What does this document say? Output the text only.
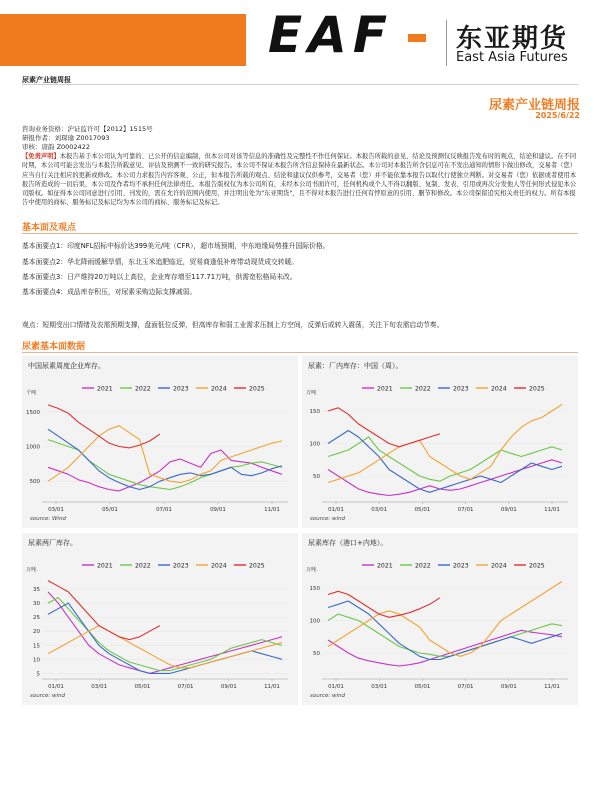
EAF 东亚期货
East Asia Futures
尿素产业链周报
尿素产业链周报
2025/6/22
咨询业务资格：沪证监许可【2012】1515号
研报作者：刘琛瑜 Z0017093
审核：唐韵 Z0002422
【免责声明】本报告基于本公司认为可靠的、已公开的信息编制，但本公司对该等信息的准确性及完整性不作任何保证。本报告所载的意见、结论及预测仅反映报告发布时的观点、结论和建议。在不同时期，本公司可能会发出与本报告所载意见、评估及预测不一致的研究报告。本公司不保证本报告所含信息保持在最新状态。本公司对本报告所含信息可在不发出通知的情形下做出修改，交易者（您）应当自行关注相应的更新或修改。本公司力求报告内容客观、公正，但本报告所载的观点、结论和建议仅供参考，交易者（您）并不能依靠本报告以取代行使独立判断。对交易者（您）依据或者使用本报告所造成的一切后果，本公司及作者均不承担任何法律责任。本报告版权仅为本公司所有，未经本公司书面许可，任何机构或个人不得以翻版、复制、发表、引用或再次分发他人等任何形式侵犯本公司版权。如征得本公司同意进行引用、刊发的，需在允许的范围内使用，并注明出处为"东亚期货"，且不得对本报告进行任何有悖原意的引用、删节和修改。本公司保留追究相关责任的权力。所有本报告中使用的商标、服务标记及标记均为本公司的商标、服务标记及标记。
基本面及观点
基本面要点1：印度NFL招标中标价达399美元/吨（CFR），超市场预期，中东地缘局势推升国际价格。
基本面要点2：华北降雨缓解旱情，东北玉米追肥临近，贸易商逢低补库带动现货成交转暖。
基本面要点3：日产维持20万吨以上高位，企业库存增至117.71万吨，供需宽松格局未改。
基本面要点4：成品库存积压，对尿素采购边际支撑减弱。
观点：短期受出口情绪及农需预期支撑，盘面低位反弹，但高库存和弱工业需求压制上方空间，反弹后或转入震荡，关注下旬农需启动节奏。
尿素基本面数据
中国尿素周度企业库存。
千吨
2021	2022	2023	2024	2025
500
1000
1500
03/01	05/01	07/01	09/01	11/01
source: Wind
尿素：厂内库存：中国（周）。
万吨
2021	2022	2023	2024	2025
50
100
150
01/01	03/01	05/01	07/01	09/01	11/01
source: wind
尿素两厂库存。
万吨
2021	2022	2023	2024	2025
5
10
15
20
25
30
35
01/01	03/01	05/01	07/01	09/01	11/01
source: wind
尿素库存（港口+内地）。
万吨
2021	2022	2023	2024	2025
50
100
150
01/01	03/01	05/01	07/01	09/01	11/01
source: wind
